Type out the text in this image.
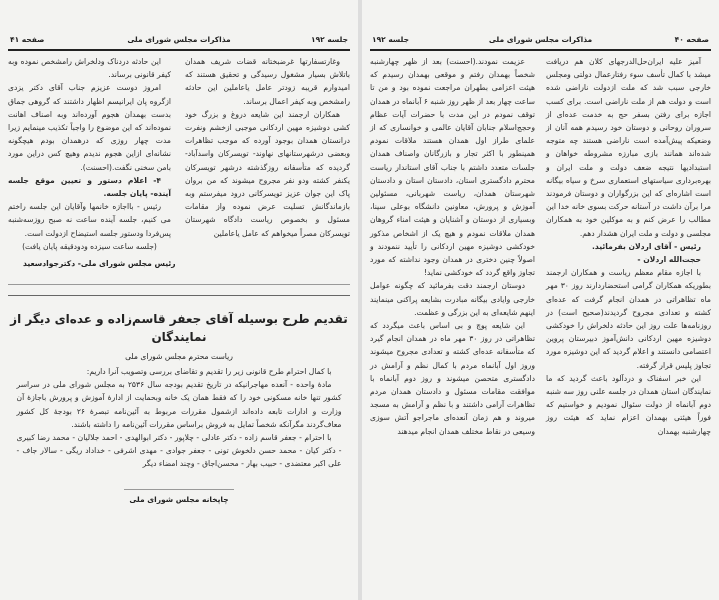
صفحه ۴۰
مذاکرات مجلس شورای ملی
جلسه ۱۹۲

آمیز علیه ایران‌حل‌الدرجهای کلان هم دریافت میشد با کمال تأسف سوء رفتارعمال دولتی ومجلس خارجی سبب شد که ملت ازدولت ناراضی شده است و دولت هم از ملت ناراضی است. برای کسب اجازه برای رفتن بسفر حج به خدمت عده‌ای از سروران روحانی و دوستان خود رسیدم همه آنان از وضعیکه پیش‌آمده است ناراضی هستند چه متوجه شده‌اند همانند بازی مبارزه مشروطه خواهان و استبدادیها نتیجه ضعف دولت و ملت ایران و بهره‌برداری سیاستهای استعماری سرخ و سیاه بیگانه است اشاره‌ای که این بزرگواران و دوستان فرمودند مرا برآن داشت در آستانه حرکت بسوی خانه خدا این مطالب را عرض کنم و به موکلین خود به همکاران مجلسی و دولت و ملت ایران هشدار دهم.

رئیس - آقای اردلان بفرمائید.

حجت‌الله اردلان -

با اجازه مقام معظم ریاست و همکاران ارجمند بطوریکه همکاران گرامی استحضاردارند روز ۳۰ مهر ماه تظاهراتی در همدان انجام گرفت که عده‌ای کشته و تعدادی مجروح گردیدند(صحیح است) در روزنامه‌ها علت روز این حادثه دلخراش را خودکشی دوشیزه مهین اردکانی دانش‌آموز دبیرستان پروین اعتصامی دانستند و اعلام گردید که این دوشیزه مورد تجاوز پلیس قرار گرفته.

این خبر اسفناک و دردآلود باعث گردید که ما نمایندگان استان همدان در جلسه علنی روز سه شنبه دوم آبانماه از دولت سئوال نمودیم و خواستیم که فوراً هیئتی بهمدان اعزام نماید که هیئت روز چهارشنبه بهمدان

عزیمت نمودند.(احسنت) بعد از ظهر چهارشنبه شخصاً بهمدان رفتم و موقعی بهمدان رسیدم که هیئت اعزامی بطهران مراجعت نموده بود و من تا ساعت چهار بعد از ظهر روز شنبه ۶ آبانماه در همدان توقف نمودم در این مدت با حضرات آیات عظام وحجج‌اسلام جنابان آقایان عالمی و خوانساری که از علمای طراز اول همدان هستند ملاقات نمودم همینطور با اکثر تجار و بازرگانان واصناف همدان جلسات متعدد داشتم با جناب آقای استاندار ریاست محترم دادگستری استان، دادستان استان و دادستان شهرستان همدان، ریاست شهربانی، مسئولین آموزش و پرورش، معاونین دانشگاه بوعلی سینا، وبسیاری از دوستان و آشنایان و هیئت امناء گروهان همدان ملاقات نمودم و هیچ یک از اشخاص مذکور خودکشی دوشیزه مهین اردکانی را تأیید ننمودند و اصولاً چنین دختری در همدان وجود نداشته که مورد تجاوز واقع گردد که خودکشی نماید!

دوستان ارجمند دقت بفرمائید که چگونه عوامل خارجی وایادی بیگانه مبادرت بشایعه پراکنی مینمایند اینهم شایعه‌ای به این بزرگی و عظمت.

این شایعه پوچ و بی اساس باعث میگردد که تظاهراتی در روز ۳۰ مهر ماه در همدان انجام گیرد که متأسفانه عده‌ای کشته و تعدادی مجروح میشوند وروز اول آبانماه مردم با کمال نظم و آرامش در دادگستری متحصن میشوند و روز دوم آبانماه با موافقت مقامات مسئول و دادستان همدان مردم تظاهرات آرامی داشتند و با نظم و آرامش به مسجد میروند و هم زمان آنعده‌ای ماجراجو آتش سوزی وسیعی در نقاط مختلف همدان انجام میدهند

جلسه ۱۹۲
مذاکرات مجلس شورای ملی
صفحه ۴۱

وغارتسفارتها غرضبختانه قضات شریف همدان باتلاش بسیار مشغول رسیدگی و تحقیق هستند که امیدوارم قریبه زودتر عامل یاعاملین این حادثه رامشخص وبه کیفر اعمال برساند.

همکاران ارجمند این شایعه دروغ و بزرگ خود کشی دوشیزه مهین اردکانی موجبی ازخشم ونفرت درانستان همدان بوجود آورده که موجب تظاهرات وبعضی درشهرستانهای نهاوند- تویسرکان واسدآباد- گردیده که متأسفانه روزگذشته درشهر تویسرکان یکنفر کشته ودو نفر مجروح میشوند که من بروان پاک این جوان عزیز تویسرکانی درود میفرستم وبه بازماندگانش تسلیت عرض نموده واز مقامات مسئول و بخصوص ریاست دادگاه شهرستان تویسرکان مصراً میخواهم که عامل یاعاملین

این حادثه دردناک ودلخراش رامشخص نموده وبه کیفر قانونی برساند.

امروز دوست عزیزم جناب آقای دکتر یزدی ازگروه پان ایرانیسم اظهار داشتند که گروهی جماق بدست بهمدان هجوم آورده‌اند وبه اصناف اهانت نموده‌اند که این موضوع را واجباً تکذیب مینمایم زیرا مدت چهار روزی که درهمدان بودم هیچگونه نشانه‌ای ازاین هجوم ندیدم وهیچ کس دراین مورد بامن سخنی نگفت.(احسنت).

۴- اعلام دستور و تعیین موقع جلسه آینده- پایان جلسه.

رئیس - بااجازه خانمها وآقایان این جلسه راختم می کنیم، جلسه آینده ساعت نه صبح روزسه‌شنبه پس‌فردا ودستور جلسه استیضاح ازدولت است.

(جلسه ساعت سیزده ودودقیقه پایان یافت)

رئیس مجلس شورای ملی- دکترجوادسعید
تقدیم طرح بوسیله آقای جعفر قاسم‌زاده و عده‌ای دیگر از نمایندگان
ریاست محترم مجلس شورای ملی

با کمال احترام طرح قانونی زیر را تقدیم و تقاضای بررسی وتصویب آنرا داریم:

مادهٔ واحده - آنعده مهاجرانیکه در تاریخ تقدیم بودجه سال ۲۵۳۶ به مجلس شورای ملی در سراسر کشور تنها خانه مسکونی خود را که فقط همان یک خانه وبحمایت از ادارهٔ آموزش و پرورش باجازهٔ آن وزارت و ادارات تابعه داده‌اند ازشمول مقررات مربوط به آئین‌نامه تبصرهٔ ۲۶ بودجهٔ کل کشور معاف‌گردند مگرآنکه شخصاً تمایل به فروش براساس مقررات آئین‌نامه را داشته باشند.

با احترام - جعفر قاسم زاده - دکتر عادلی - چلاپور - دکتر ابوالهدی - احمد جلالیان - محمد رضا کبیری - دکتر کیان - محمد حسن دلخوش تونی - جعفر جوادی - مهدی اشرفی - خداداد ریگی - سالار جاف - علی اکبر معتضدی - حبیب بهار - محسن‌اجاق - وچند امضاء دیگر

چاپخانه مجلس شورای ملی
